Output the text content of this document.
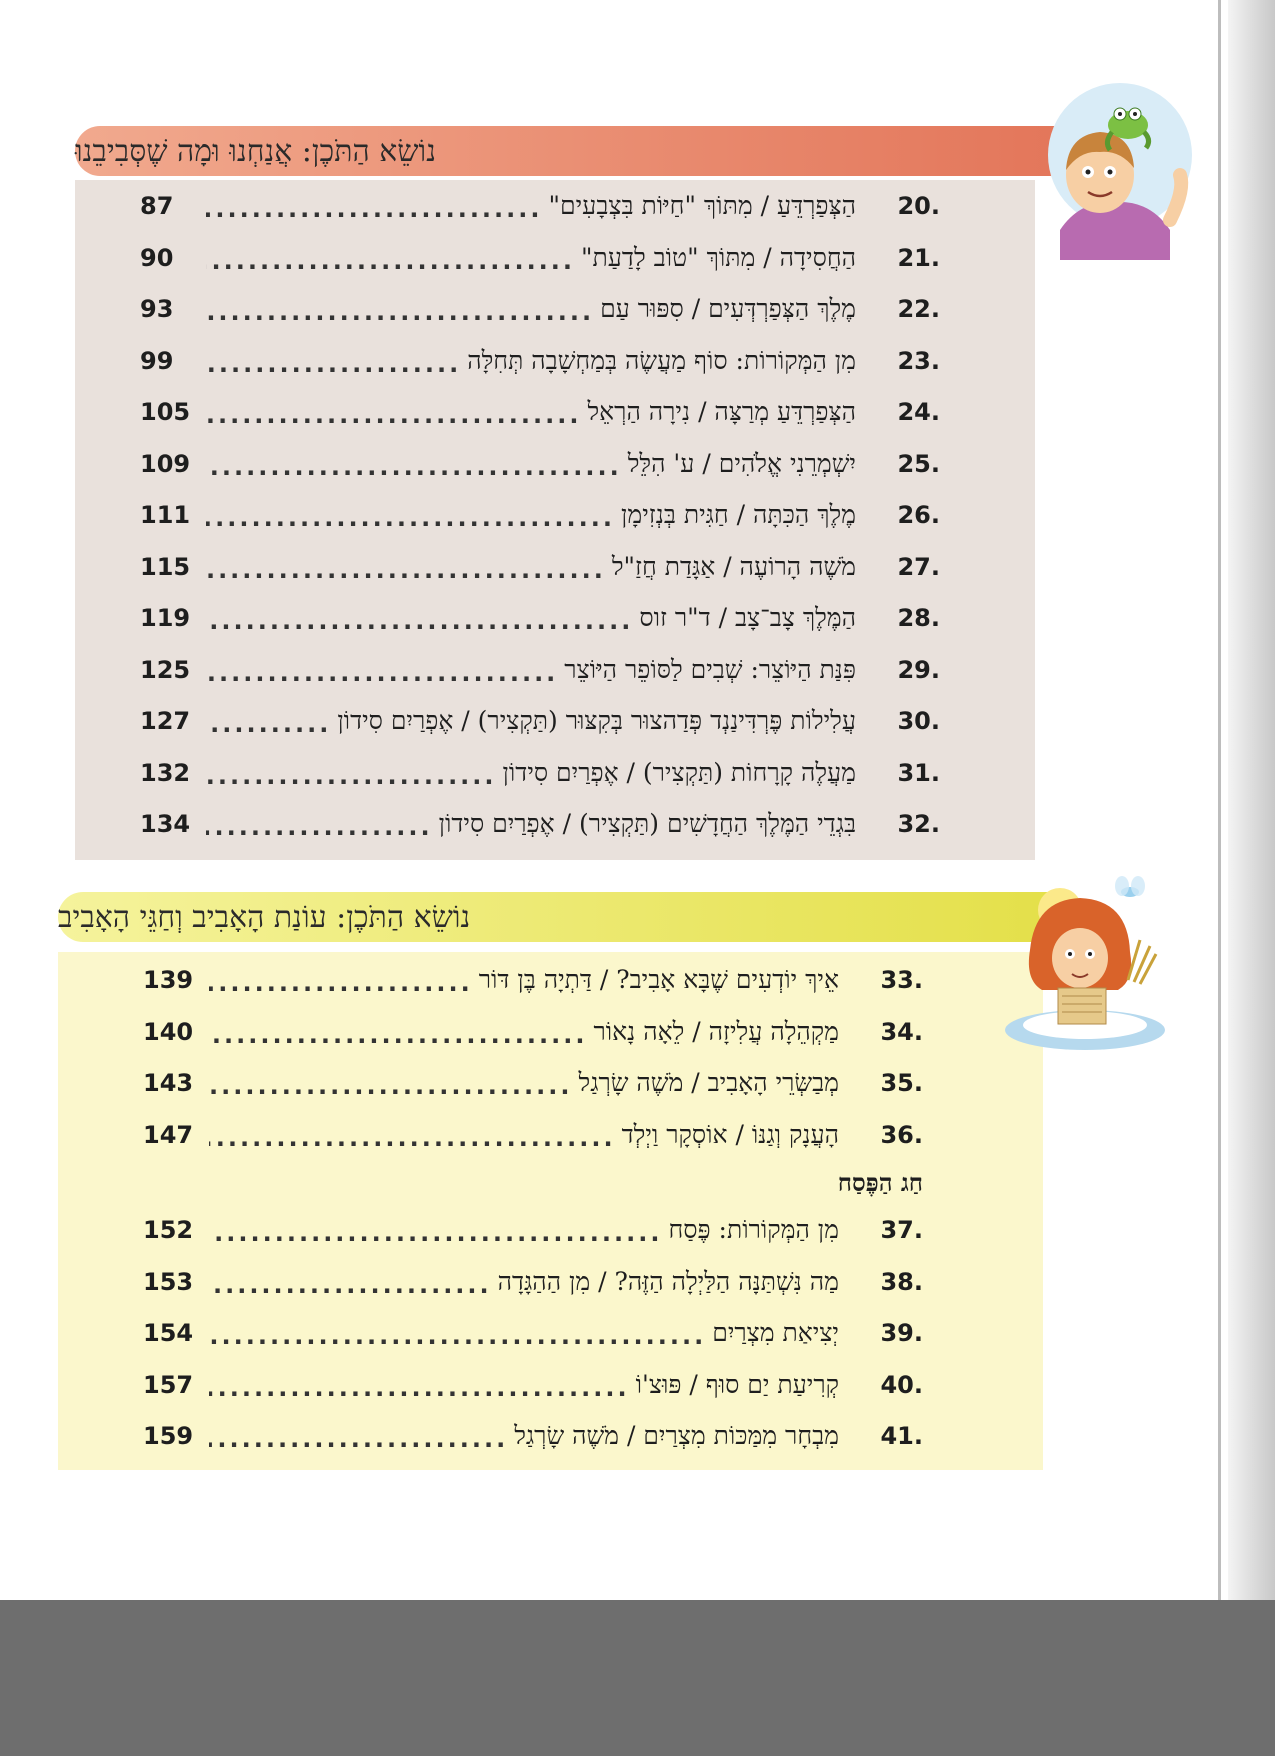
נוֹשֵׂא הַתֹּכֶן: אֲנַחְנוּ וּמָה שֶׁסְּבִיבֵנוּ
20.
הַצְּפַרְדֵּעַ / מִתּוֹךְ "חַיּוֹת בִּצְבָעִים"
.....
87
21.
הַחֲסִידָה / מִתּוֹךְ "טוֹב לָדַעַת"
.....
90
22.
מֶלֶךְ הַצְּפַרְדְּעִים / סִפּוּר עַם
.....
93
23.
מִן הַמְּקוֹרוֹת: סוֹף מַעֲשֶׂה בְּמַחְשָׁבָה תְּחִלָּה
.....
99
24.
הַצְּפַרְדֵּעַ מְרַצָּה / נִירָה הַרְאֵל
.....
105
25.
יִשְׁמְרֵנִי אֱלֹהִים / ע' הִלֵּל
.....
109
26.
מֶלֶךְ הַכִּתָּה / חַגִּית בְּנְזִימָן
.....
111
27.
מֹשֶׁה הָרוֹעֶה / אַגָּדַת חֲזַ"ל
.....
115
28.
הַמֶּלֶךְ צָב־צָב / ד"ר זוס
.....
119
29.
פִּנַּת הַיּוֹצֵר: שְׁבִים לַסּוֹפֵר הַיּוֹצֵר
.....
125
30.
עֲלִילוֹת פֶּרְדִּינַנְד פְּדַהצוּר בְּקִצּוּר (תַּקְצִיר) / אֶפְרַיִם סִידוֹן
.....
127
31.
מַעֲלֶה קָרָחוֹת (תַּקְצִיר) / אֶפְרַיִם סִידוֹן
.....
132
32.
בִּגְדֵי הַמֶּלֶךְ הַחֲדָשִׁים (תַּקְצִיר) / אֶפְרַיִם סִידוֹן
.....
134
נוֹשֵׂא הַתֹּכֶן: עוֹנַת הָאָבִיב וְחַגֵּי הָאָבִיב
33.
אֵיךְ יוֹדְעִים שֶׁבָּא אָבִיב? / דַּתְיָה בֶּן דּוֹר
.....
139
34.
מַקְהֵלָה עֲלִיזָה / לֵאָה נָאוֹר
.....
140
35.
מְבַשְּׂרֵי הָאָבִיב / מֹשֶׁה שָׂרְגַל
.....
143
36.
הָעֲנָק וְגַנּוֹ / אוֹסְקָר וַיְלְד
.....
147
חַג הַפֶּסַח
37.
מִן הַמְּקוֹרוֹת: פֶּסַח
.....
152
38.
מַה נִּשְׁתַּנָּה הַלַּיְלָה הַזֶּה? / מִן הַהַגָּדָה
.....
153
39.
יְצִיאַת מִצְרַיִם
.....
154
40.
קְרִיעַת יַם סוּף / פּוּצ'וֹ
.....
157
41.
מִבְחָר מִמַּכּוֹת מִצְרַיִם / מֹשֶׁה שָׂרְגַל
.....
159
